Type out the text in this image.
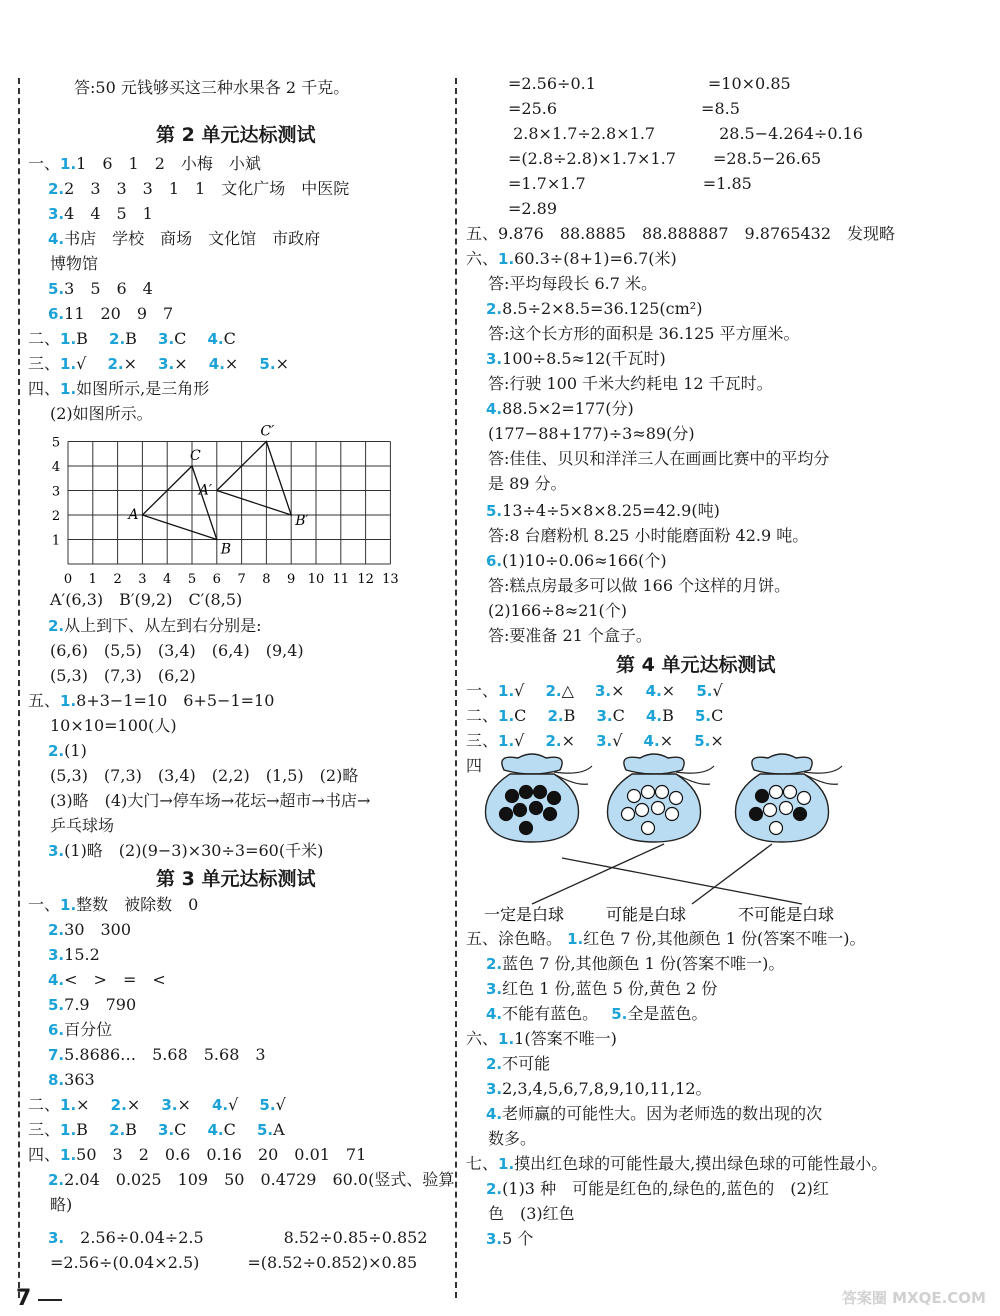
答:50 元钱够买这三种水果各 2 千克。
第 2 单元达标测试
一、1.1　6　1　2　小梅　小斌
2.2　3　3　3　1　1　文化广场　中医院
3.4　4　5　1
4.书店　学校　商场　文化馆　市政府
博物馆
5.3　5　6　4
6.11　20　9　7
二、1.B　 2.B　 3.C　 4.C
三、1.√　 2.×　 3.×　 4.×　 5.×
四、1.如图所示,是三角形
(2)如图所示。
A′(6,3)　B′(9,2)　C′(8,5)
2.从上到下、从左到右分别是:
(6,6)　(5,5)　(3,4)　(6,4)　(9,4)
(5,3)　(7,3)　(6,2)
五、1.8+3−1=10　6+5−1=10
10×10=100(人)
2.(1)
(5,3)　(7,3)　(3,4)　(2,2)　(1,5)　(2)略
(3)略　(4)大门→停车场→花坛→超市→书店→
乒乓球场
3.(1)略　(2)(9−3)×30÷3=60(千米)
第 3 单元达标测试
一、1.整数　被除数　0
2.30　300
3.15.2
4.<　>　=　<
5.7.9　790
6.百分位
7.5.8686…　5.68　5.68　3
8.363
二、1.×　 2.×　 3.×　 4.√　 5.√
三、1.B　 2.B　 3.C　 4.C　 5.A
四、1.50　3　2　0.6　0.16　20　0.01　71
2.2.04　0.025　109　50　0.4729　60.0(竖式、验算
略)
3.　2.56÷0.04÷2.5　　　　　8.52÷0.85÷0.852
=2.56÷(0.04×2.5)　　　=(8.52÷0.852)×0.85
=2.56÷0.1　　　　　　　=10×0.85
=25.6　　　　　　　　　=8.5
2.8×1.7÷2.8×1.7　　　　28.5−4.264÷0.16
=(2.8÷2.8)×1.7×1.7　　 =28.5−26.65
=1.7×1.7　　　　　　　 =1.85
=2.89
五、9.876　88.8885　88.888887　9.8765432　发现略
六、1.60.3÷(8+1)=6.7(米)
答:平均每段长 6.7 米。
2.8.5÷2×8.5=36.125(cm²)
答:这个长方形的面积是 36.125 平方厘米。
3.100÷8.5≈12(千瓦时)
答:行驶 100 千米大约耗电 12 千瓦时。
4.88.5×2=177(分)
(177−88+177)÷3≈89(分)
答:佳佳、贝贝和洋洋三人在画画比赛中的平均分
是 89 分。
5.13÷4÷5×8×8.25=42.9(吨)
答:8 台磨粉机 8.25 小时能磨面粉 42.9 吨。
6.(1)10÷0.06≈166(个)
答:糕点房最多可以做 166 个这样的月饼。
(2)166÷8≈21(个)
答:要准备 21 个盒子。
第 4 单元达标测试
一、1.√　 2.△　 3.×　 4.×　 5.√
二、1.C　 2.B　 3.C　 4.B　 5.C
三、1.√　 2.×　 3.√　 4.×　 5.×
四
五、涂色略。 1.红色 7 份,其他颜色 1 份(答案不唯一)。
2.蓝色 7 份,其他颜色 1 份(答案不唯一)。
3.红色 1 份,蓝色 5 份,黄色 2 份
4.不能有蓝色。　 5.全是蓝色。
六、1.1(答案不唯一)
2.不可能
3.2,3,4,5,6,7,8,9,10,11,12。
4.老师赢的可能性大。因为老师选的数出现的次
数多。
七、1.摸出红色球的可能性最大,摸出绿色球的可能性最小。
2.(1)3 种　可能是红色的,绿色的,蓝色的　(2)红
色　(3)红色
3.5 个
0 1 2 3 4 5 6 7 8 9 10 11 12 13
1
2
3
4
5
A
B
C
A′
B′
C′
一定是白球	可能是白球	不可能是白球
7	答案圈 MXQE.COM
